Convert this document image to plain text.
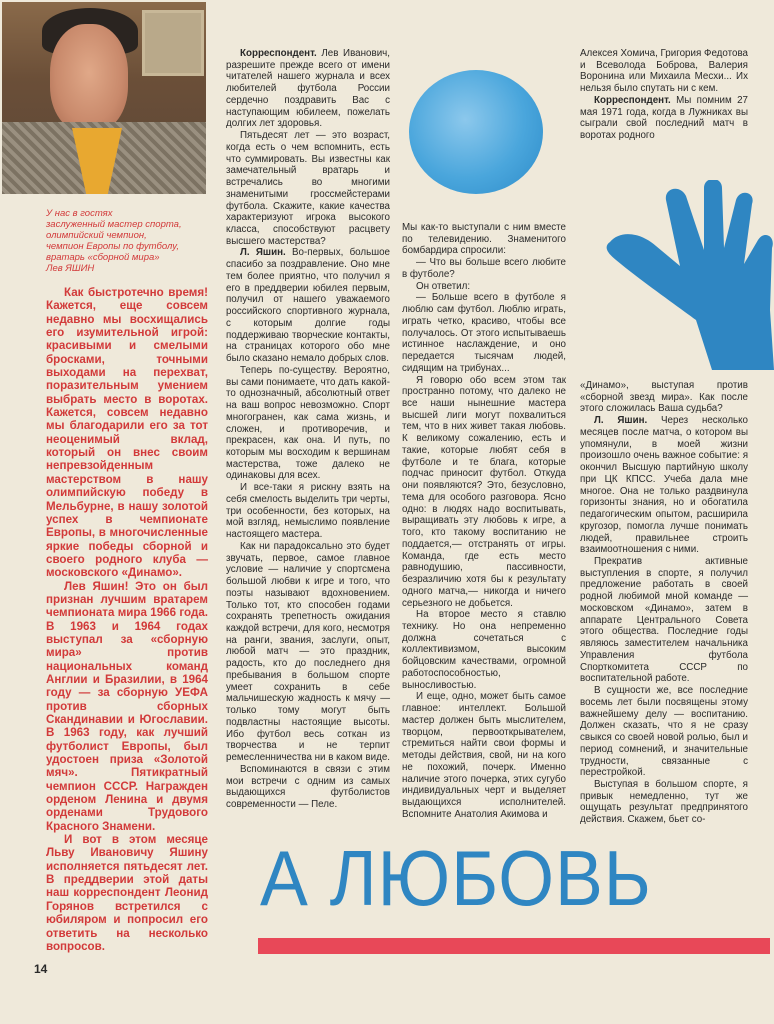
У нас в гостях
заслуженный мастер спорта,
олимпийский чемпион,
чемпион Европы по футболу,
вратарь «сборной мира»
Лев ЯШИН

Как быстротечно время! Кажется, еще совсем недавно мы восхищались его изумительной игрой: красивыми и смелыми бросками, точными выходами на перехват, поразительным умением выбрать место в воротах. Кажется, совсем недавно мы благодарили его за тот неоценимый вклад, который он внес своим непревзойденным мастерством в нашу олимпийскую победу в Мельбурне, в нашу золотой успех в чемпионате Европы, в многочисленные яркие победы сборной и своего родного клуба — московского «Динамо».

Лев Яшин! Это он был признан лучшим вратарем чемпионата мира 1966 года. В 1963 и 1964 годах выступал за «сборную мира» против национальных команд Англии и Бразилии, в 1964 году — за сборную УЕФА против сборных Скандинавии и Югославии. В 1963 году, как лучший футболист Европы, был удостоен приза «Золотой мяч». Пятикратный чемпион СССР. Награжден орденом Ленина и двумя орденами Трудового Красного Знамени.

И вот в этом месяце Льву Ивановичу Яшину исполняется пятьдесят лет. В преддверии этой даты наш корреспондент Леонид Горянов встретился с юбиляром и попросил его ответить на несколько вопросов.

Корреспондент. Лев Иванович, разрешите прежде всего от имени читателей нашего журнала и всех любителей футбола России сердечно поздравить Вас с наступающим юбилеем, пожелать долгих лет здоровья.

Пятьдесят лет — это возраст, когда есть о чем вспомнить, есть что суммировать. Вы известны как замечательный вратарь и встречались во многими знаменитыми гроссмейстерами футбола. Скажите, какие качества характеризуют игрока высокого класса, способствуют расцвету высшего мастерства?

Л. Яшин. Во-первых, большое спасибо за поздравление. Оно мне тем более приятно, что получил я его в преддверии юбилея первым, получил от нашего уважаемого российского спортивного журнала, с которым долгие годы поддерживаю творческие контакты, на страницах которого обо мне было сказано немало добрых слов.

Теперь по-существу. Вероятно, вы сами понимаете, что дать какой-то однозначный, абсолютный ответ на ваш вопрос невозможно. Спорт многогранен, как сама жизнь, и сложен, и противоречив, и прекрасен, как она. И путь, по которым мы восходим к вершинам мастерства, тоже далеко не одинаковы для всех.

И все-таки я рискну взять на себя смелость выделить три черты, три особенности, без которых, на мой взгляд, немыслимо появление настоящего мастера.

Как ни парадоксально это будет звучать, первое, самое главное условие — наличие у спортсмена большой любви к игре и того, что поэты называют вдохновением. Только тот, кто способен годами сохранять трепетность ожидания каждой встречи, для кого, несмотря на ранги, звания, заслуги, опыт, любой матч — это праздник, радость, кто до последнего дня пребывания в большом спорте умеет сохранить в себе мальчишескую жадность к мячу — только тому могут быть подвластны настоящие высоты. Ибо футбол весь соткан из творчества и не терпит ремесленничества ни в каком виде.

Вспоминаются в связи с этим мои встречи с одним из самых выдающихся футболистов современности — Пеле.

Мы как-то выступали с ним вместе по телевидению. Знаменитого бомбардира спросили:

— Что вы больше всего любите в футболе?

Он ответил:

— Больше всего в футболе я люблю сам футбол. Люблю играть, играть четко, красиво, чтобы все получалось. От этого испытываешь истинное наслаждение, и оно передается тысячам людей, сидящим на трибунах...

Я говорю обо всем этом так пространно потому, что далеко не все наши нынешние мастера высшей лиги могут похвалиться тем, что в них живет такая любовь. К великому сожалению, есть и такие, которые любят себя в футболе и те блага, которые подчас приносит футбол. Откуда они появляются? Это, безусловно, тема для особого разговора. Ясно одно: в людях надо воспитывать, выращивать эту любовь к игре, а того, кто такому воспитанию не поддается,— отстранять от игры. Команда, где есть место равнодушию, пассивности, безразличию хотя бы к результату одного матча,— никогда и ничего серьезного не добьется.

На второе место я ставлю технику. Но она непременно должна сочетаться с коллективизмом, высоким бойцовским качествами, огромной работоспособностью, выносливостью.

И еще, одно, может быть самое главное: интеллект. Большой мастер должен быть мыслителем, творцом, первооткрывателем, стремиться найти свои формы и методы действия, свой, ни на кого не похожий, почерк. Именно наличие этого почерка, этих сугубо индивидуальных черт и выделяет выдающихся исполнителей. Вспомните Анатолия Акимова и

Алексея Хомича, Григория Федотова и Всеволода Боброва, Валерия Воронина или Михаила Месхи... Их нельзя было спутать ни с кем.

Корреспондент. Мы помним 27 мая 1971 года, когда в Лужниках вы сыграли свой последний матч в воротах родного

«Динамо», выступая против «сборной звезд мира». Как после этого сложилась Ваша судьба?

Л. Яшин. Через несколько месяцев после матча, о котором вы упомянули, в моей жизни произошло очень важное событие: я окончил Высшую партийную школу при ЦК КПСС. Учеба дала мне многое. Она не только раздвинула горизонты знания, но и обогатила педагогическим опытом, расширила кругозор, помогла лучше понимать людей, правильнее строить взаимоотношения с ними.

Прекратив активные выступления в спорте, я получил предложение работать в своей родной любимой мной команде — московском «Динамо», затем в аппарате Центрального Совета этого общества. Последние годы являюсь заместителем начальника Управления футбола Спорткомитета СССР по воспитательной работе.

В сущности же, все последние восемь лет были посвящены этому важнейшему делу — воспитанию. Должен сказать, что я не сразу свыкся со своей новой ролью, был и период сомнений, и значительные трудности, связанные с перестройкой.

Выступая в большом спорте, я привык немедленно, тут же ощущать результат предпринятого действия. Скажем, бьет со-

А ЛЮБОВЬ
14
